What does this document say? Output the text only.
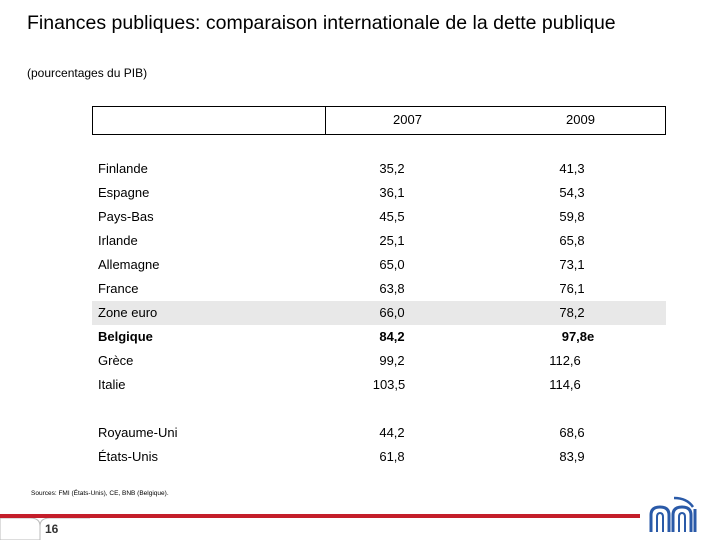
Finances publiques: comparaison internationale de la dette publique
(pourcentages du PIB)
2007	2009
Finlande	35,2	41,3
Espagne	36,1	54,3
Pays-Bas	45,5	59,8
Irlande	25,1	65,8
Allemagne	65,0	73,1
France	63,8	76,1
Zone euro	66,0	78,2
Belgique	84,2	97,8e
Grèce	99,2	112,6
Italie	103,5	114,6
Royaume-Uni	44,2	68,6
États-Unis	61,8	83,9
Sources: FMI (États-Unis), CE, BNB (Belgique).
16
